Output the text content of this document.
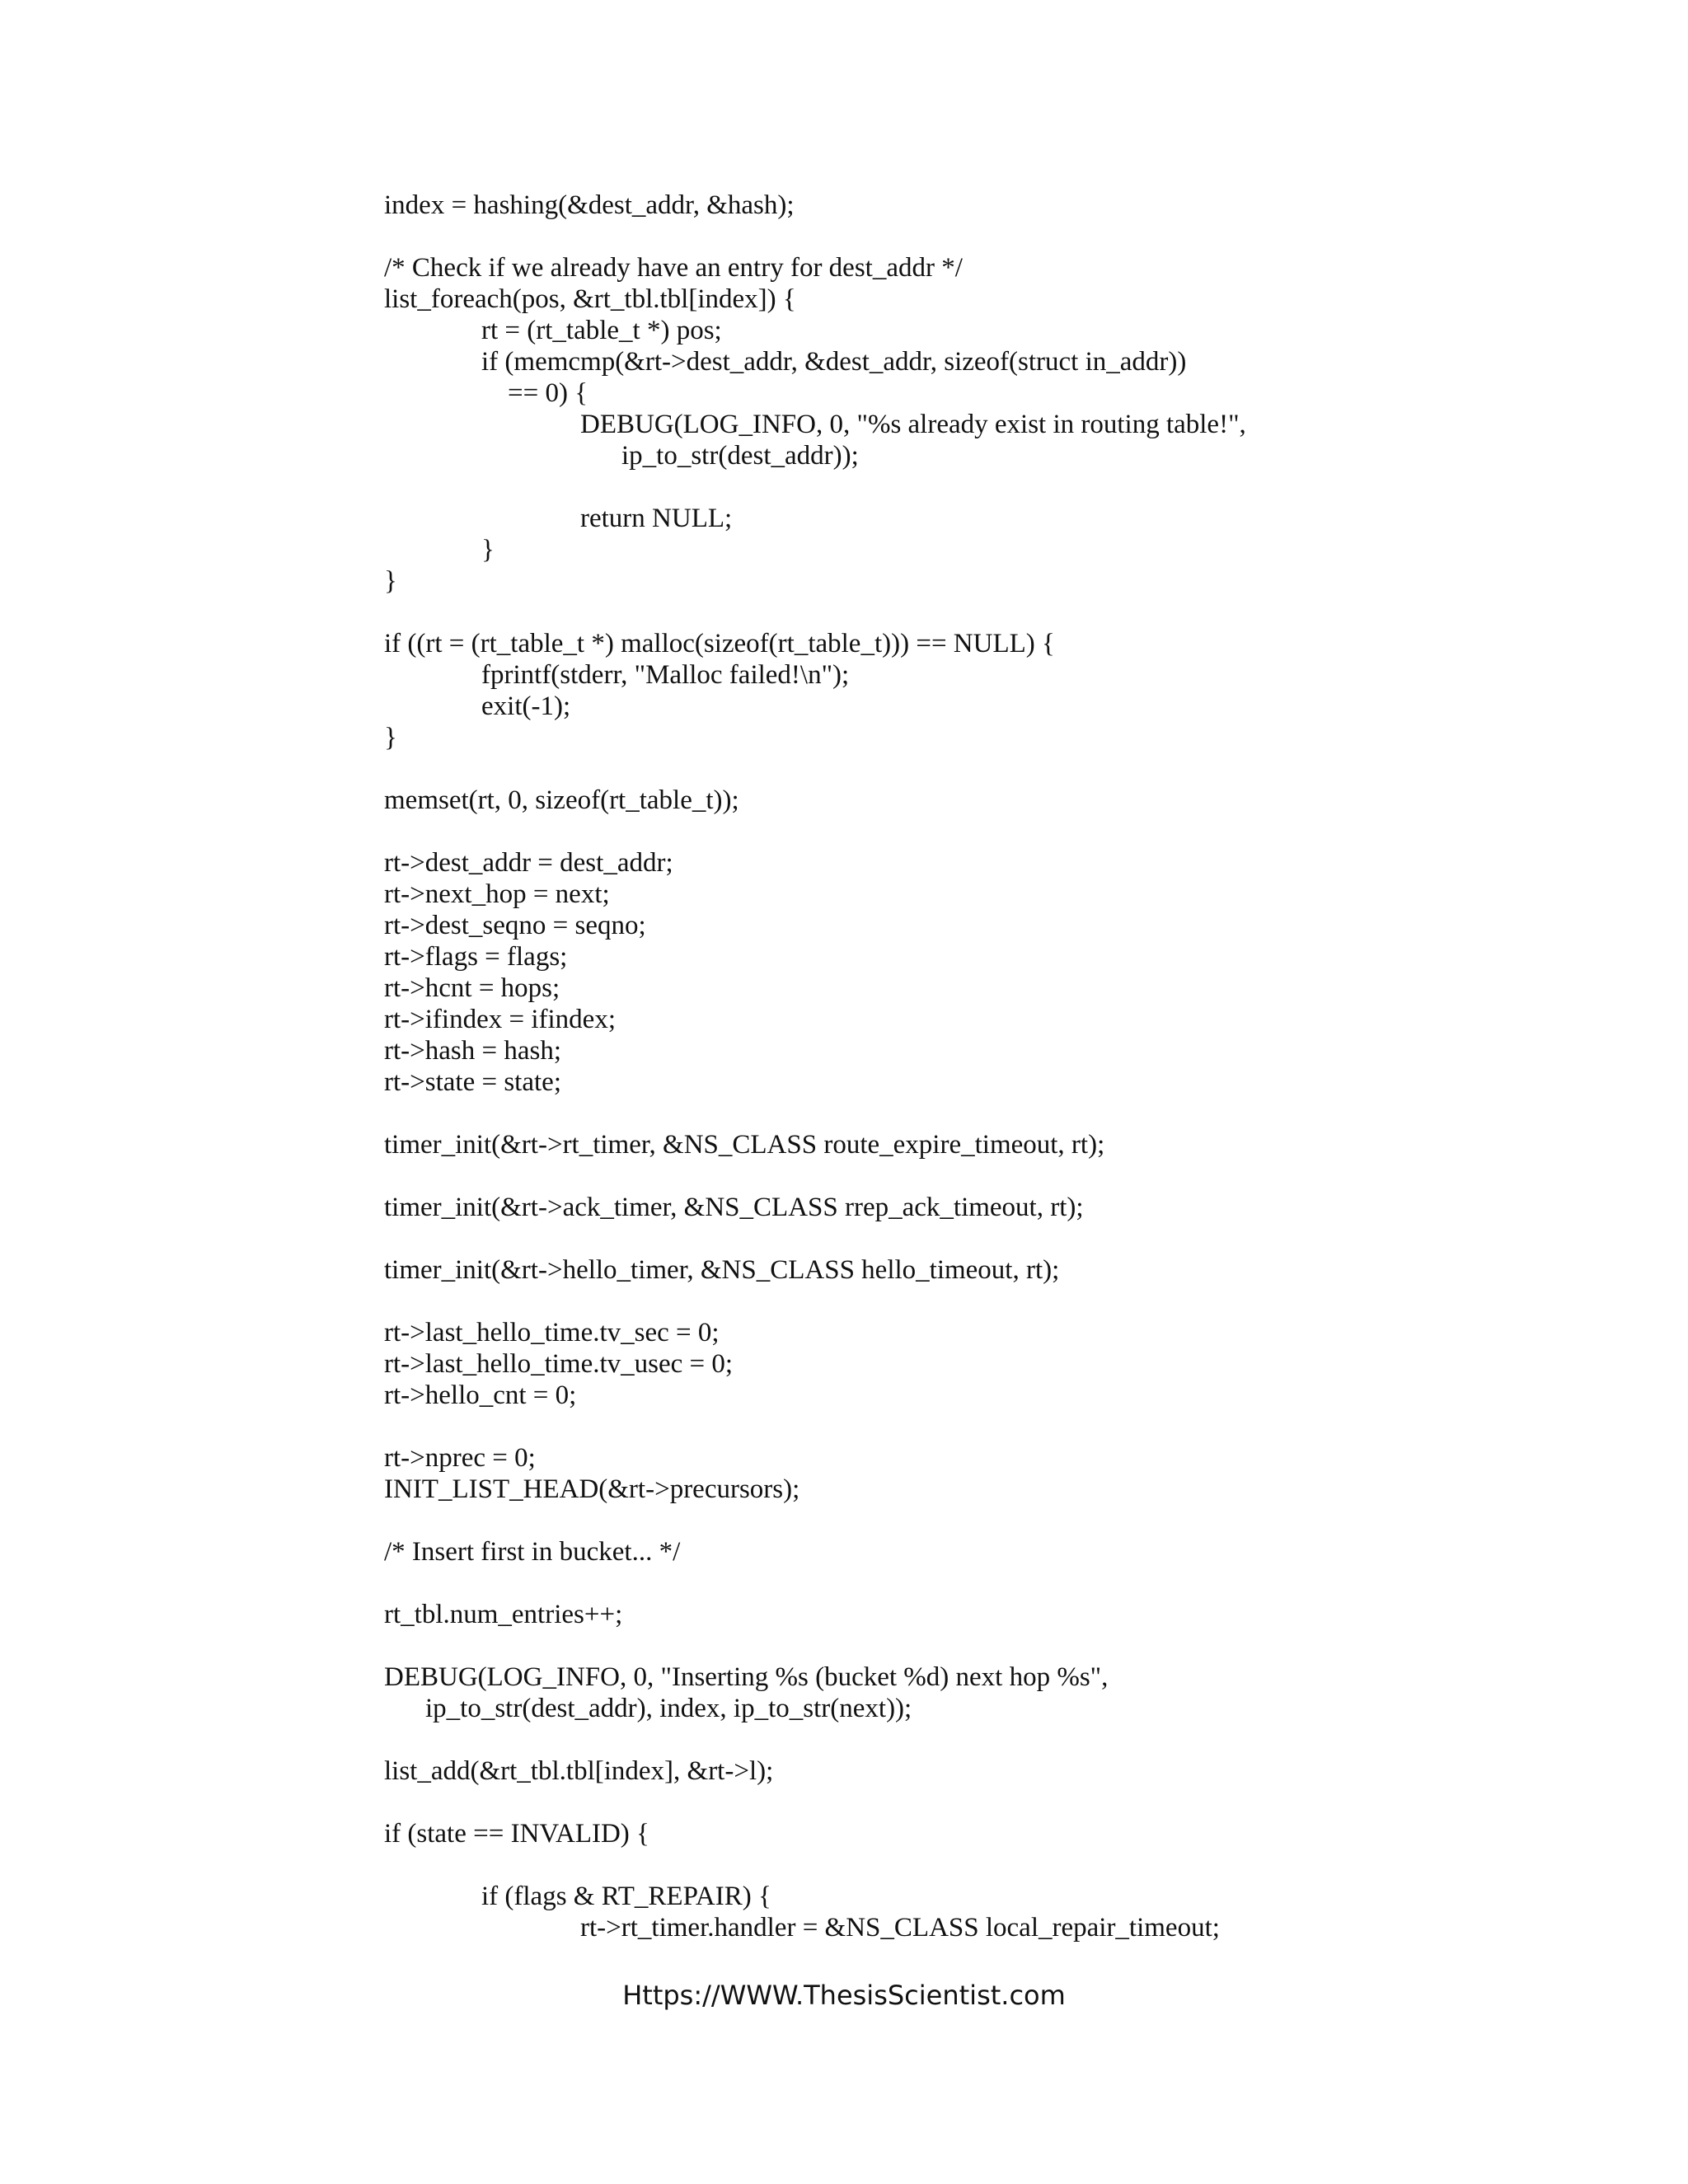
index = hashing(&dest_addr, &hash);
/* Check if we already have an entry for dest_addr */
list_foreach(pos, &rt_tbl.tbl[index]) {
rt = (rt_table_t *) pos;
if (memcmp(&rt->dest_addr, &dest_addr, sizeof(struct in_addr))
== 0) {
DEBUG(LOG_INFO, 0, "%s already exist in routing table!",
ip_to_str(dest_addr));
return NULL;
}
}
if ((rt = (rt_table_t *) malloc(sizeof(rt_table_t))) == NULL) {
fprintf(stderr, "Malloc failed!\n");
exit(-1);
}
memset(rt, 0, sizeof(rt_table_t));
rt->dest_addr = dest_addr;
rt->next_hop = next;
rt->dest_seqno = seqno;
rt->flags = flags;
rt->hcnt = hops;
rt->ifindex = ifindex;
rt->hash = hash;
rt->state = state;
timer_init(&rt->rt_timer, &NS_CLASS route_expire_timeout, rt);
timer_init(&rt->ack_timer, &NS_CLASS rrep_ack_timeout, rt);
timer_init(&rt->hello_timer, &NS_CLASS hello_timeout, rt);
rt->last_hello_time.tv_sec = 0;
rt->last_hello_time.tv_usec = 0;
rt->hello_cnt = 0;
rt->nprec = 0;
INIT_LIST_HEAD(&rt->precursors);
/* Insert first in bucket... */
rt_tbl.num_entries++;
DEBUG(LOG_INFO, 0, "Inserting %s (bucket %d) next hop %s",
ip_to_str(dest_addr), index, ip_to_str(next));
list_add(&rt_tbl.tbl[index], &rt->l);
if (state == INVALID) {
if (flags & RT_REPAIR) {
rt->rt_timer.handler = &NS_CLASS local_repair_timeout;
Https://WWW.ThesisScientist.com
